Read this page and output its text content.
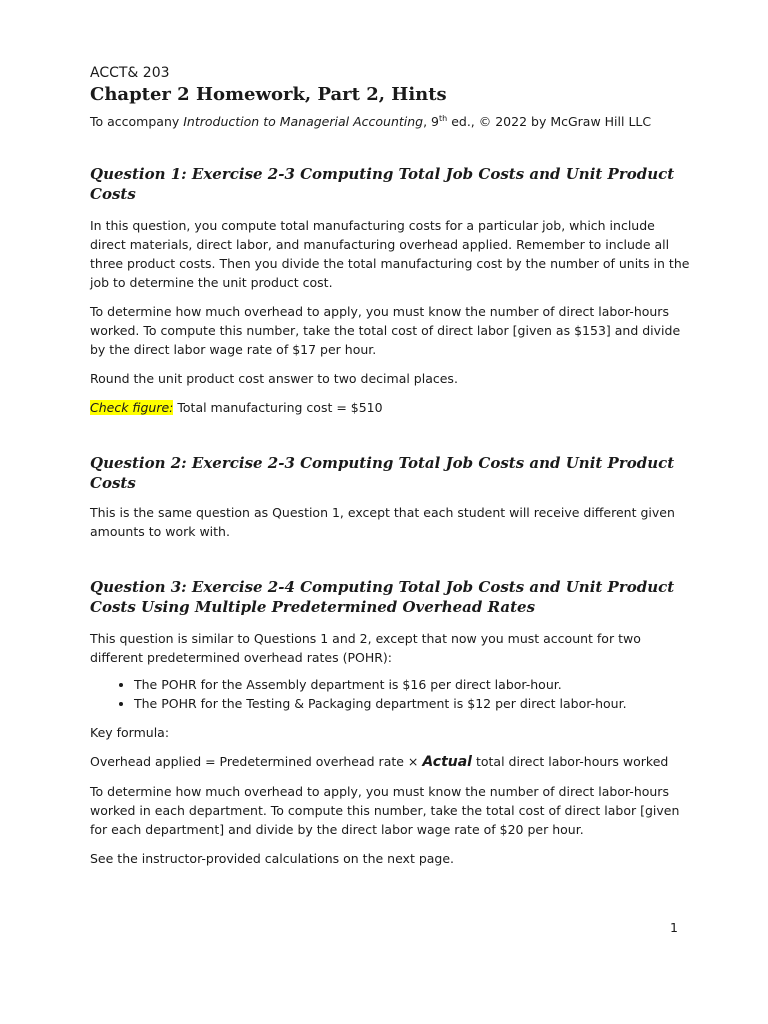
ACCT& 203
Chapter 2 Homework, Part 2, Hints

To accompany Introduction to Managerial Accounting, 9th ed., © 2022 by McGraw Hill LLC

Question 1: Exercise 2-3 Computing Total Job Costs and Unit Product Costs

In this question, you compute total manufacturing costs for a particular job, which include direct materials, direct labor, and manufacturing overhead applied. Remember to include all three product costs. Then you divide the total manufacturing cost by the number of units in the job to determine the unit product cost.

To determine how much overhead to apply, you must know the number of direct labor-hours worked. To compute this number, take the total cost of direct labor [given as $153] and divide by the direct labor wage rate of $17 per hour.

Round the unit product cost answer to two decimal places.

Check figure: Total manufacturing cost = $510

Question 2: Exercise 2-3 Computing Total Job Costs and Unit Product Costs

This is the same question as Question 1, except that each student will receive different given amounts to work with.

Question 3: Exercise 2-4 Computing Total Job Costs and Unit Product Costs Using Multiple Predetermined Overhead Rates

This question is similar to Questions 1 and 2, except that now you must account for two different predetermined overhead rates (POHR):

• The POHR for the Assembly department is $16 per direct labor-hour.
• The POHR for the Testing & Packaging department is $12 per direct labor-hour.

Key formula:

Overhead applied = Predetermined overhead rate × Actual total direct labor-hours worked

To determine how much overhead to apply, you must know the number of direct labor-hours worked in each department. To compute this number, take the total cost of direct labor [given for each department] and divide by the direct labor wage rate of $20 per hour.

See the instructor-provided calculations on the next page.

1
